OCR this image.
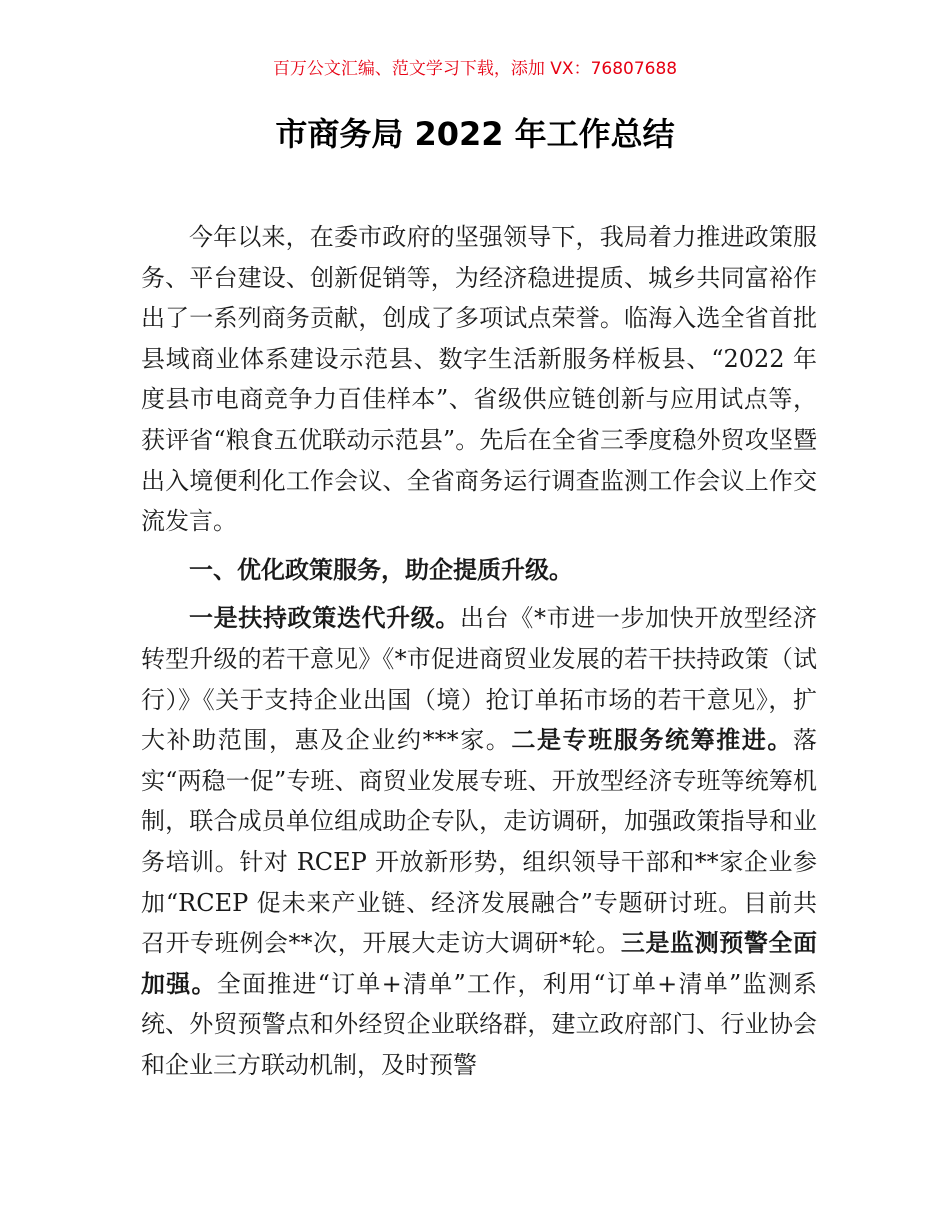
百万公文汇编、范文学习下载，添加 VX：76807688
市商务局 2022 年工作总结

今年以来，在委市政府的坚强领导下，我局着力推进政策服务、平台建设、创新促销等，为经济稳进提质、城乡共同富裕作出了一系列商务贡献，创成了多项试点荣誉。临海入选全省首批县域商业体系建设示范县、数字生活新服务样板县、“2022 年度县市电商竞争力百佳样本”、省级供应链创新与应用试点等，获评省“粮食五优联动示范县”。先后在全省三季度稳外贸攻坚暨出入境便利化工作会议、全省商务运行调查监测工作会议上作交流发言。

一、优化政策服务，助企提质升级。

一是扶持政策迭代升级。出台《*市进一步加快开放型经济转型升级的若干意见》《*市促进商贸业发展的若干扶持政策（试行）》《关于支持企业出国（境）抢订单拓市场的若干意见》，扩大补助范围，惠及企业约***家。二是专班服务统筹推进。落实“两稳一促”专班、商贸业发展专班、开放型经济专班等统筹机制，联合成员单位组成助企专队，走访调研，加强政策指导和业务培训。针对 RCEP 开放新形势，组织领导干部和**家企业参加“RCEP 促未来产业链、经济发展融合”专题研讨班。目前共召开专班例会**次，开展大走访大调研*轮。三是监测预警全面加强。全面推进“订单+清单”工作，利用“订单+清单”监测系统、外贸预警点和外经贸企业联络群，建立政府部门、行业协会和企业三方联动机制，及时预警
